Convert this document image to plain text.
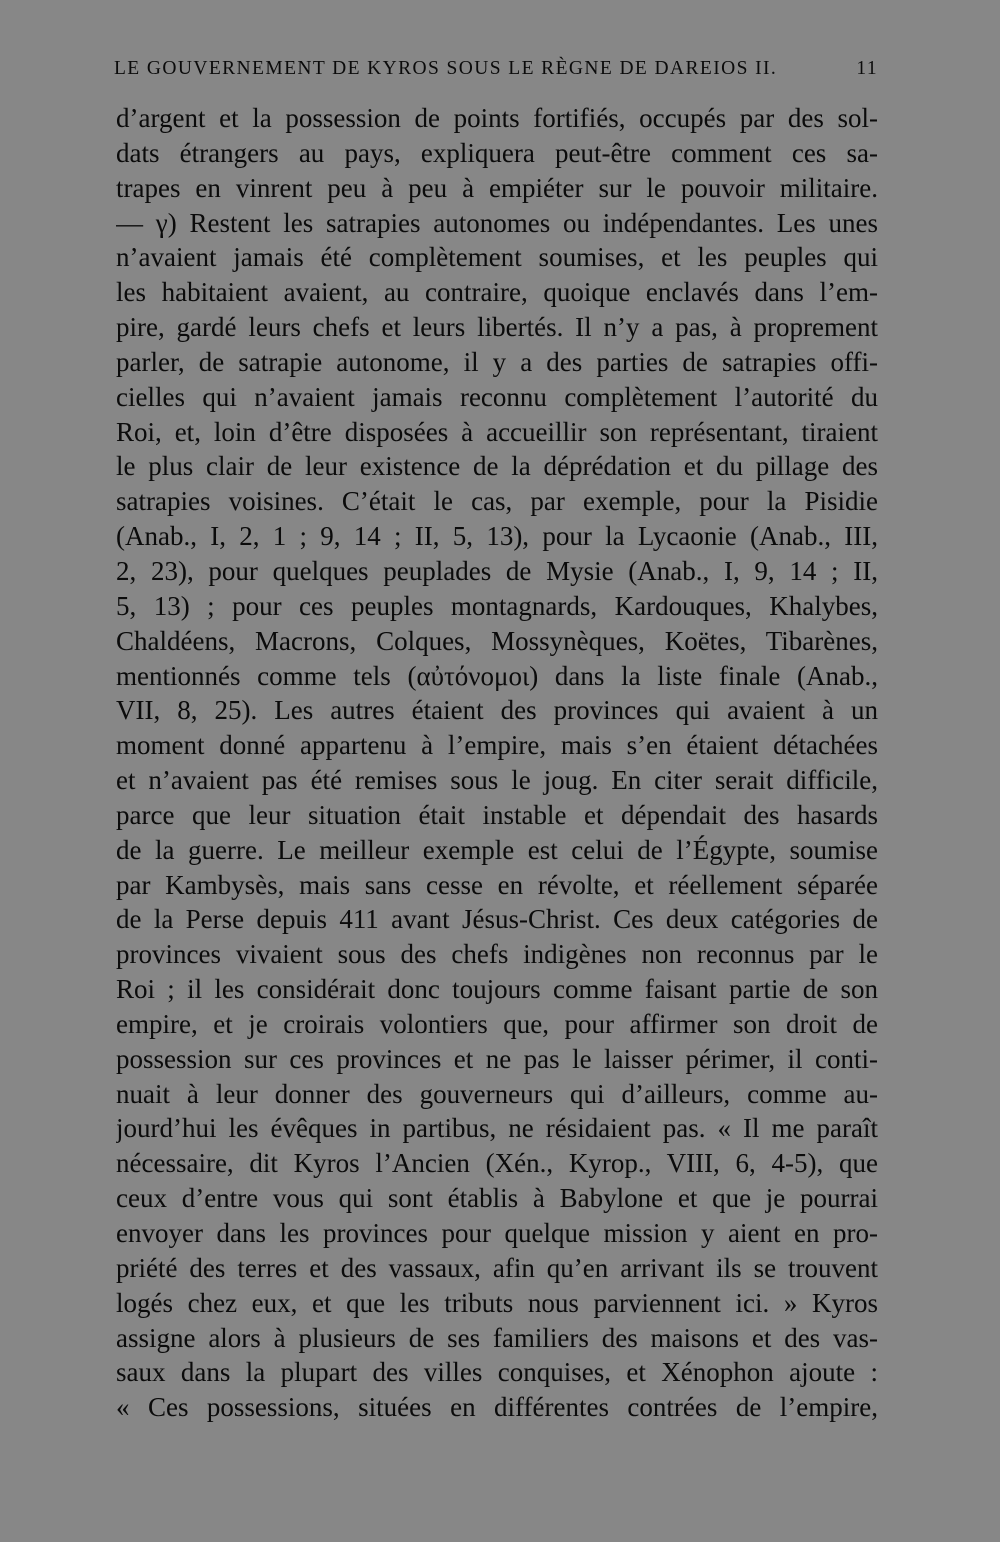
LE GOUVERNEMENT DE KYROS SOUS LE RÈGNE DE DAREIOS II.	11
d’argent et la possession de points fortifiés, occupés par des sol-
dats étrangers au pays, expliquera peut-être comment ces sa-
trapes en vinrent peu à peu à empiéter sur le pouvoir militaire.
— γ) Restent les satrapies autonomes ou indépendantes. Les unes
n’avaient jamais été complètement soumises, et les peuples qui
les habitaient avaient, au contraire, quoique enclavés dans l’em-
pire, gardé leurs chefs et leurs libertés. Il n’y a pas, à proprement
parler, de satrapie autonome, il y a des parties de satrapies offi-
cielles qui n’avaient jamais reconnu complètement l’autorité du
Roi, et, loin d’être disposées à accueillir son représentant, tiraient
le plus clair de leur existence de la déprédation et du pillage des
satrapies voisines. C’était le cas, par exemple, pour la Pisidie
(Anab., I, 2, 1 ; 9, 14 ; II, 5, 13), pour la Lycaonie (Anab., III,
2, 23), pour quelques peuplades de Mysie (Anab., I, 9, 14 ; II,
5, 13) ; pour ces peuples montagnards, Kardouques, Khalybes,
Chaldéens, Macrons, Colques, Mossynèques, Koëtes, Tibarènes,
mentionnés comme tels (αὐτόνομοι) dans la liste finale (Anab.,
VII, 8, 25). Les autres étaient des provinces qui avaient à un
moment donné appartenu à l’empire, mais s’en étaient détachées
et n’avaient pas été remises sous le joug. En citer serait difficile,
parce que leur situation était instable et dépendait des hasards
de la guerre. Le meilleur exemple est celui de l’Égypte, soumise
par Kambysès, mais sans cesse en révolte, et réellement séparée
de la Perse depuis 411 avant Jésus-Christ. Ces deux catégories de
provinces vivaient sous des chefs indigènes non reconnus par le
Roi ; il les considérait donc toujours comme faisant partie de son
empire, et je croirais volontiers que, pour affirmer son droit de
possession sur ces provinces et ne pas le laisser périmer, il conti-
nuait à leur donner des gouverneurs qui d’ailleurs, comme au-
jourd’hui les évêques in partibus, ne résidaient pas. « Il me paraît
nécessaire, dit Kyros l’Ancien (Xén., Kyrop., VIII, 6, 4-5), que
ceux d’entre vous qui sont établis à Babylone et que je pourrai
envoyer dans les provinces pour quelque mission y aient en pro-
priété des terres et des vassaux, afin qu’en arrivant ils se trouvent
logés chez eux, et que les tributs nous parviennent ici. » Kyros
assigne alors à plusieurs de ses familiers des maisons et des vas-
saux dans la plupart des villes conquises, et Xénophon ajoute :
« Ces possessions, situées en différentes contrées de l’empire,
